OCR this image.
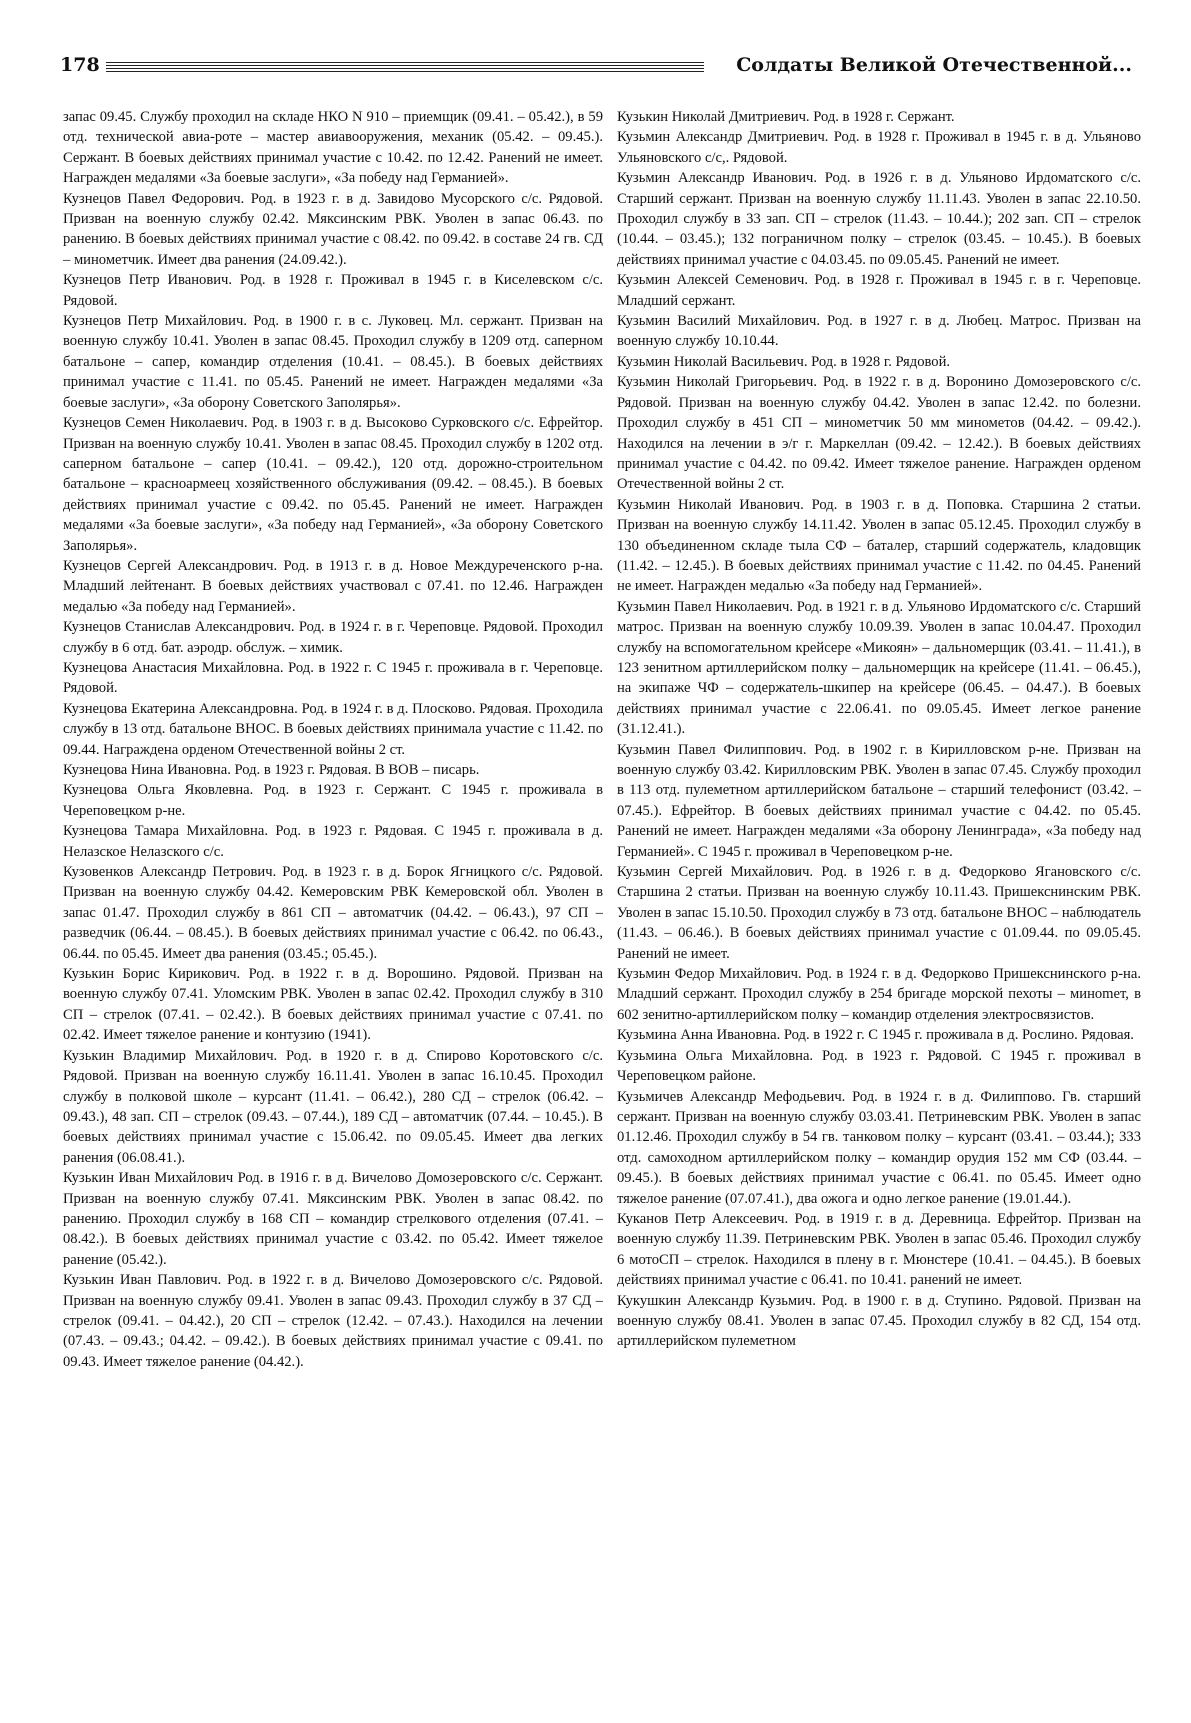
178	Солдаты Великой Отечественной...

запас 09.45. Службу проходил на складе НКО N 910 – приемщик (09.41. – 05.42.), в 59 отд. технической авиа-роте – мастер авиавооружения, механик (05.42. – 09.45.). Сержант. В боевых действиях принимал участие с 10.42. по 12.42. Ранений не имеет. Награжден медалями «За боевые заслуги», «За победу над Германией».

Кузнецов Павел Федорович. Род. в 1923 г. в д. Завидово Мусорского с/с. Рядовой. Призван на военную службу 02.42. Мяксинским РВК. Уволен в запас 06.43. по ранению. В боевых действиях принимал участие с 08.42. по 09.42. в составе 24 гв. СД – минометчик. Имеет два ранения (24.09.42.).

Кузнецов Петр Иванович. Род. в 1928 г. Проживал в 1945 г. в Киселевском с/с. Рядовой.

Кузнецов Петр Михайлович. Род. в 1900 г. в с. Луковец. Мл. сержант. Призван на военную службу 10.41. Уволен в запас 08.45. Проходил службу в 1209 отд. саперном батальоне – сапер, командир отделения (10.41. – 08.45.). В боевых действиях принимал участие с 11.41. по 05.45. Ранений не имеет. Награжден медалями «За боевые заслуги», «За оборону Советского Заполярья».

Кузнецов Семен Николаевич. Род. в 1903 г. в д. Высоково Сурковского с/с. Ефрейтор. Призван на военную службу 10.41. Уволен в запас 08.45. Проходил службу в 1202 отд. саперном батальоне – сапер (10.41. – 09.42.), 120 отд. дорожно-строительном батальоне – красноармеец хозяйственного обслуживания (09.42. – 08.45.). В боевых действиях принимал участие с 09.42. по 05.45. Ранений не имеет. Награжден медалями «За боевые заслуги», «За победу над Германией», «За оборону Советского Заполярья».

Кузнецов Сергей Александрович. Род. в 1913 г. в д. Новое Междуреченского р-на. Младший лейтенант. В боевых действиях участвовал с 07.41. по 12.46. Награжден медалью «За победу над Германией».

Кузнецов Станислав Александрович. Род. в 1924 г. в г. Череповце. Рядовой. Проходил службу в 6 отд. бат. аэродр. обслуж. – химик.

Кузнецова Анастасия Михайловна. Род. в 1922 г. С 1945 г. проживала в г. Череповце. Рядовой.

Кузнецова Екатерина Александровна. Род. в 1924 г. в д. Плосково. Рядовая. Проходила службу в 13 отд. батальоне ВНОС. В боевых действиях принимала участие с 11.42. по 09.44. Награждена орденом Отечественной войны 2 ст.

Кузнецова Нина Ивановна. Род. в 1923 г. Рядовая. В ВОВ – писарь.

Кузнецова Ольга Яковлевна. Род. в 1923 г. Сержант. С 1945 г. проживала в Череповецком р-не.

Кузнецова Тамара Михайловна. Род. в 1923 г. Рядовая. С 1945 г. проживала в д. Нелазское Нелазского с/с.

Кузовенков Александр Петрович. Род. в 1923 г. в д. Борок Ягницкого с/с. Рядовой. Призван на военную службу 04.42. Кемеровским РВК Кемеровской обл. Уволен в запас 01.47. Проходил службу в 861 СП – автоматчик (04.42. – 06.43.), 97 СП – разведчик (06.44. – 08.45.). В боевых действиях принимал участие с 06.42. по 06.43., 06.44. по 05.45. Имеет два ранения (03.45.; 05.45.).

Кузькин Борис Кирикович. Род. в 1922 г. в д. Ворошино. Рядовой. Призван на военную службу 07.41. Уломским РВК. Уволен в запас 02.42. Проходил службу в 310 СП – стрелок (07.41. – 02.42.). В боевых действиях принимал участие с 07.41. по 02.42. Имеет тяжелое ранение и контузию (1941).

Кузькин Владимир Михайлович. Род. в 1920 г. в д. Спирово Коротовского с/с. Рядовой. Призван на военную службу 16.11.41. Уволен в запас 16.10.45. Проходил службу в полковой школе – курсант (11.41. – 06.42.), 280 СД – стрелок (06.42. – 09.43.), 48 зап. СП – стрелок (09.43. – 07.44.), 189 СД – автоматчик (07.44. – 10.45.). В боевых действиях принимал участие с 15.06.42. по 09.05.45. Имеет два легких ранения (06.08.41.).

Кузькин Иван Михайлович Род. в 1916 г. в д. Вичелово Домозеровского с/с. Сержант. Призван на военную службу 07.41. Мяксинским РВК. Уволен в запас 08.42. по ранению. Проходил службу в 168 СП – командир стрелкового отделения (07.41. – 08.42.). В боевых действиях принимал участие с 03.42. по 05.42. Имеет тяжелое ранение (05.42.).

Кузькин Иван Павлович. Род. в 1922 г. в д. Вичелово Домозеровского с/с. Рядовой. Призван на военную службу 09.41. Уволен в запас 09.43. Проходил службу в 37 СД – стрелок (09.41. – 04.42.), 20 СП – стрелок (12.42. – 07.43.). Находился на лечении (07.43. – 09.43.; 04.42. – 09.42.). В боевых действиях принимал участие с 09.41. по 09.43. Имеет тяжелое ранение (04.42.).

Кузькин Николай Дмитриевич. Род. в 1928 г. Сержант.

Кузьмин Александр Дмитриевич. Род. в 1928 г. Проживал в 1945 г. в д. Ульяново Ульяновского с/с,. Рядовой.

Кузьмин Александр Иванович. Род. в 1926 г. в д. Ульяново Ирдоматского с/с. Старший сержант. Призван на военную службу 11.11.43. Уволен в запас 22.10.50. Проходил службу в 33 зап. СП – стрелок (11.43. – 10.44.); 202 зап. СП – стрелок (10.44. – 03.45.); 132 пограничном полку – стрелок (03.45. – 10.45.). В боевых действиях принимал участие с 04.03.45. по 09.05.45. Ранений не имеет.

Кузьмин Алексей Семенович. Род. в 1928 г. Проживал в 1945 г. в г. Череповце. Младший сержант.

Кузьмин Василий Михайлович. Род. в 1927 г. в д. Любец. Матрос. Призван на военную службу 10.10.44.

Кузьмин Николай Васильевич. Род. в 1928 г. Рядовой.

Кузьмин Николай Григорьевич. Род. в 1922 г. в д. Воронино Домозеровского с/с. Рядовой. Призван на военную службу 04.42. Уволен в запас 12.42. по болезни. Проходил службу в 451 СП – минометчик 50 мм минометов (04.42. – 09.42.). Находился на лечении в э/г г. Маркеллан (09.42. – 12.42.). В боевых действиях принимал участие с 04.42. по 09.42. Имеет тяжелое ранение. Награжден орденом Отечественной войны 2 ст.

Кузьмин Николай Иванович. Род. в 1903 г. в д. Поповка. Старшина 2 статьи. Призван на военную службу 14.11.42. Уволен в запас 05.12.45. Проходил службу в 130 объединенном складе тыла СФ – баталер, старший содержатель, кладовщик (11.42. – 12.45.). В боевых действиях принимал участие с 11.42. по 04.45. Ранений не имеет. Награжден медалью «За победу над Германией».

Кузьмин Павел Николаевич. Род. в 1921 г. в д. Ульяново Ирдоматского с/с. Старший матрос. Призван на военную службу 10.09.39. Уволен в запас 10.04.47. Проходил службу на вспомогательном крейсере «Микоян» – дальномерщик (03.41. – 11.41.), в 123 зенитном артиллерийском полку – дальномерщик на крейсере (11.41. – 06.45.), на экипаже ЧФ – содержатель-шкипер на крейсере (06.45. – 04.47.). В боевых действиях принимал участие с 22.06.41. по 09.05.45. Имеет легкое ранение (31.12.41.).

Кузьмин Павел Филиппович. Род. в 1902 г. в Кирилловском р-не. Призван на военную службу 03.42. Кирилловским РВК. Уволен в запас 07.45. Службу проходил в 113 отд. пулеметном артиллерийском батальоне – старший телефонист (03.42. – 07.45.). Ефрейтор. В боевых действиях принимал участие с 04.42. по 05.45. Ранений не имеет. Награжден медалями «За оборону Ленинграда», «За победу над Германией». С 1945 г. проживал в Череповецком р-не.

Кузьмин Сергей Михайлович. Род. в 1926 г. в д. Федорково Ягановского с/с. Старшина 2 статьи. Призван на военную службу 10.11.43. Пришекснинским РВК. Уволен в запас 15.10.50. Проходил службу в 73 отд. батальоне ВНОС – наблюдатель (11.43. – 06.46.). В боевых действиях принимал участие с 01.09.44. по 09.05.45. Ранений не имеет.

Кузьмин Федор Михайлович. Род. в 1924 г. в д. Федорково Пришекснинского р-на. Младший сержант. Проходил службу в 254 бригаде морской пехоты – минomет, в 602 зенитно-артиллерийском полку – командир отделения электросвязистов.

Кузьмина Анна Ивановна. Род. в 1922 г. С 1945 г. проживала в д. Рослино. Рядовая.

Кузьмина Ольга Михайловна. Род. в 1923 г. Рядовой. С 1945 г. проживал в Череповецком районе.

Кузьмичев Александр Мефодьевич. Род. в 1924 г. в д. Филиппово. Гв. старший сержант. Призван на военную службу 03.03.41. Петриневским РВК. Уволен в запас 01.12.46. Проходил службу в 54 гв. танковом полку – курсант (03.41. – 03.44.); 333 отд. самоходном артиллерийском полку – командир орудия 152 мм СФ (03.44. – 09.45.). В боевых действиях принимал участие с 06.41. по 05.45. Имеет одно тяжелое ранение (07.07.41.), два ожога и одно легкое ранение (19.01.44.).

Куканов Петр Алексеевич. Род. в 1919 г. в д. Деревница. Ефрейтор. Призван на военную службу 11.39. Петриневским РВК. Уволен в запас 05.46. Проходил службу 6 мотоСП – стрелок. Находился в плену в г. Мюнстере (10.41. – 04.45.). В боевых действиях принимал участие с 06.41. по 10.41. ранений не имеет.

Кукушкин Александр Кузьмич. Род. в 1900 г. в д. Ступино. Рядовой. Призван на военную службу 08.41. Уволен в запас 07.45. Проходил службу в 82 СД, 154 отд. артиллерийском пулеметном
